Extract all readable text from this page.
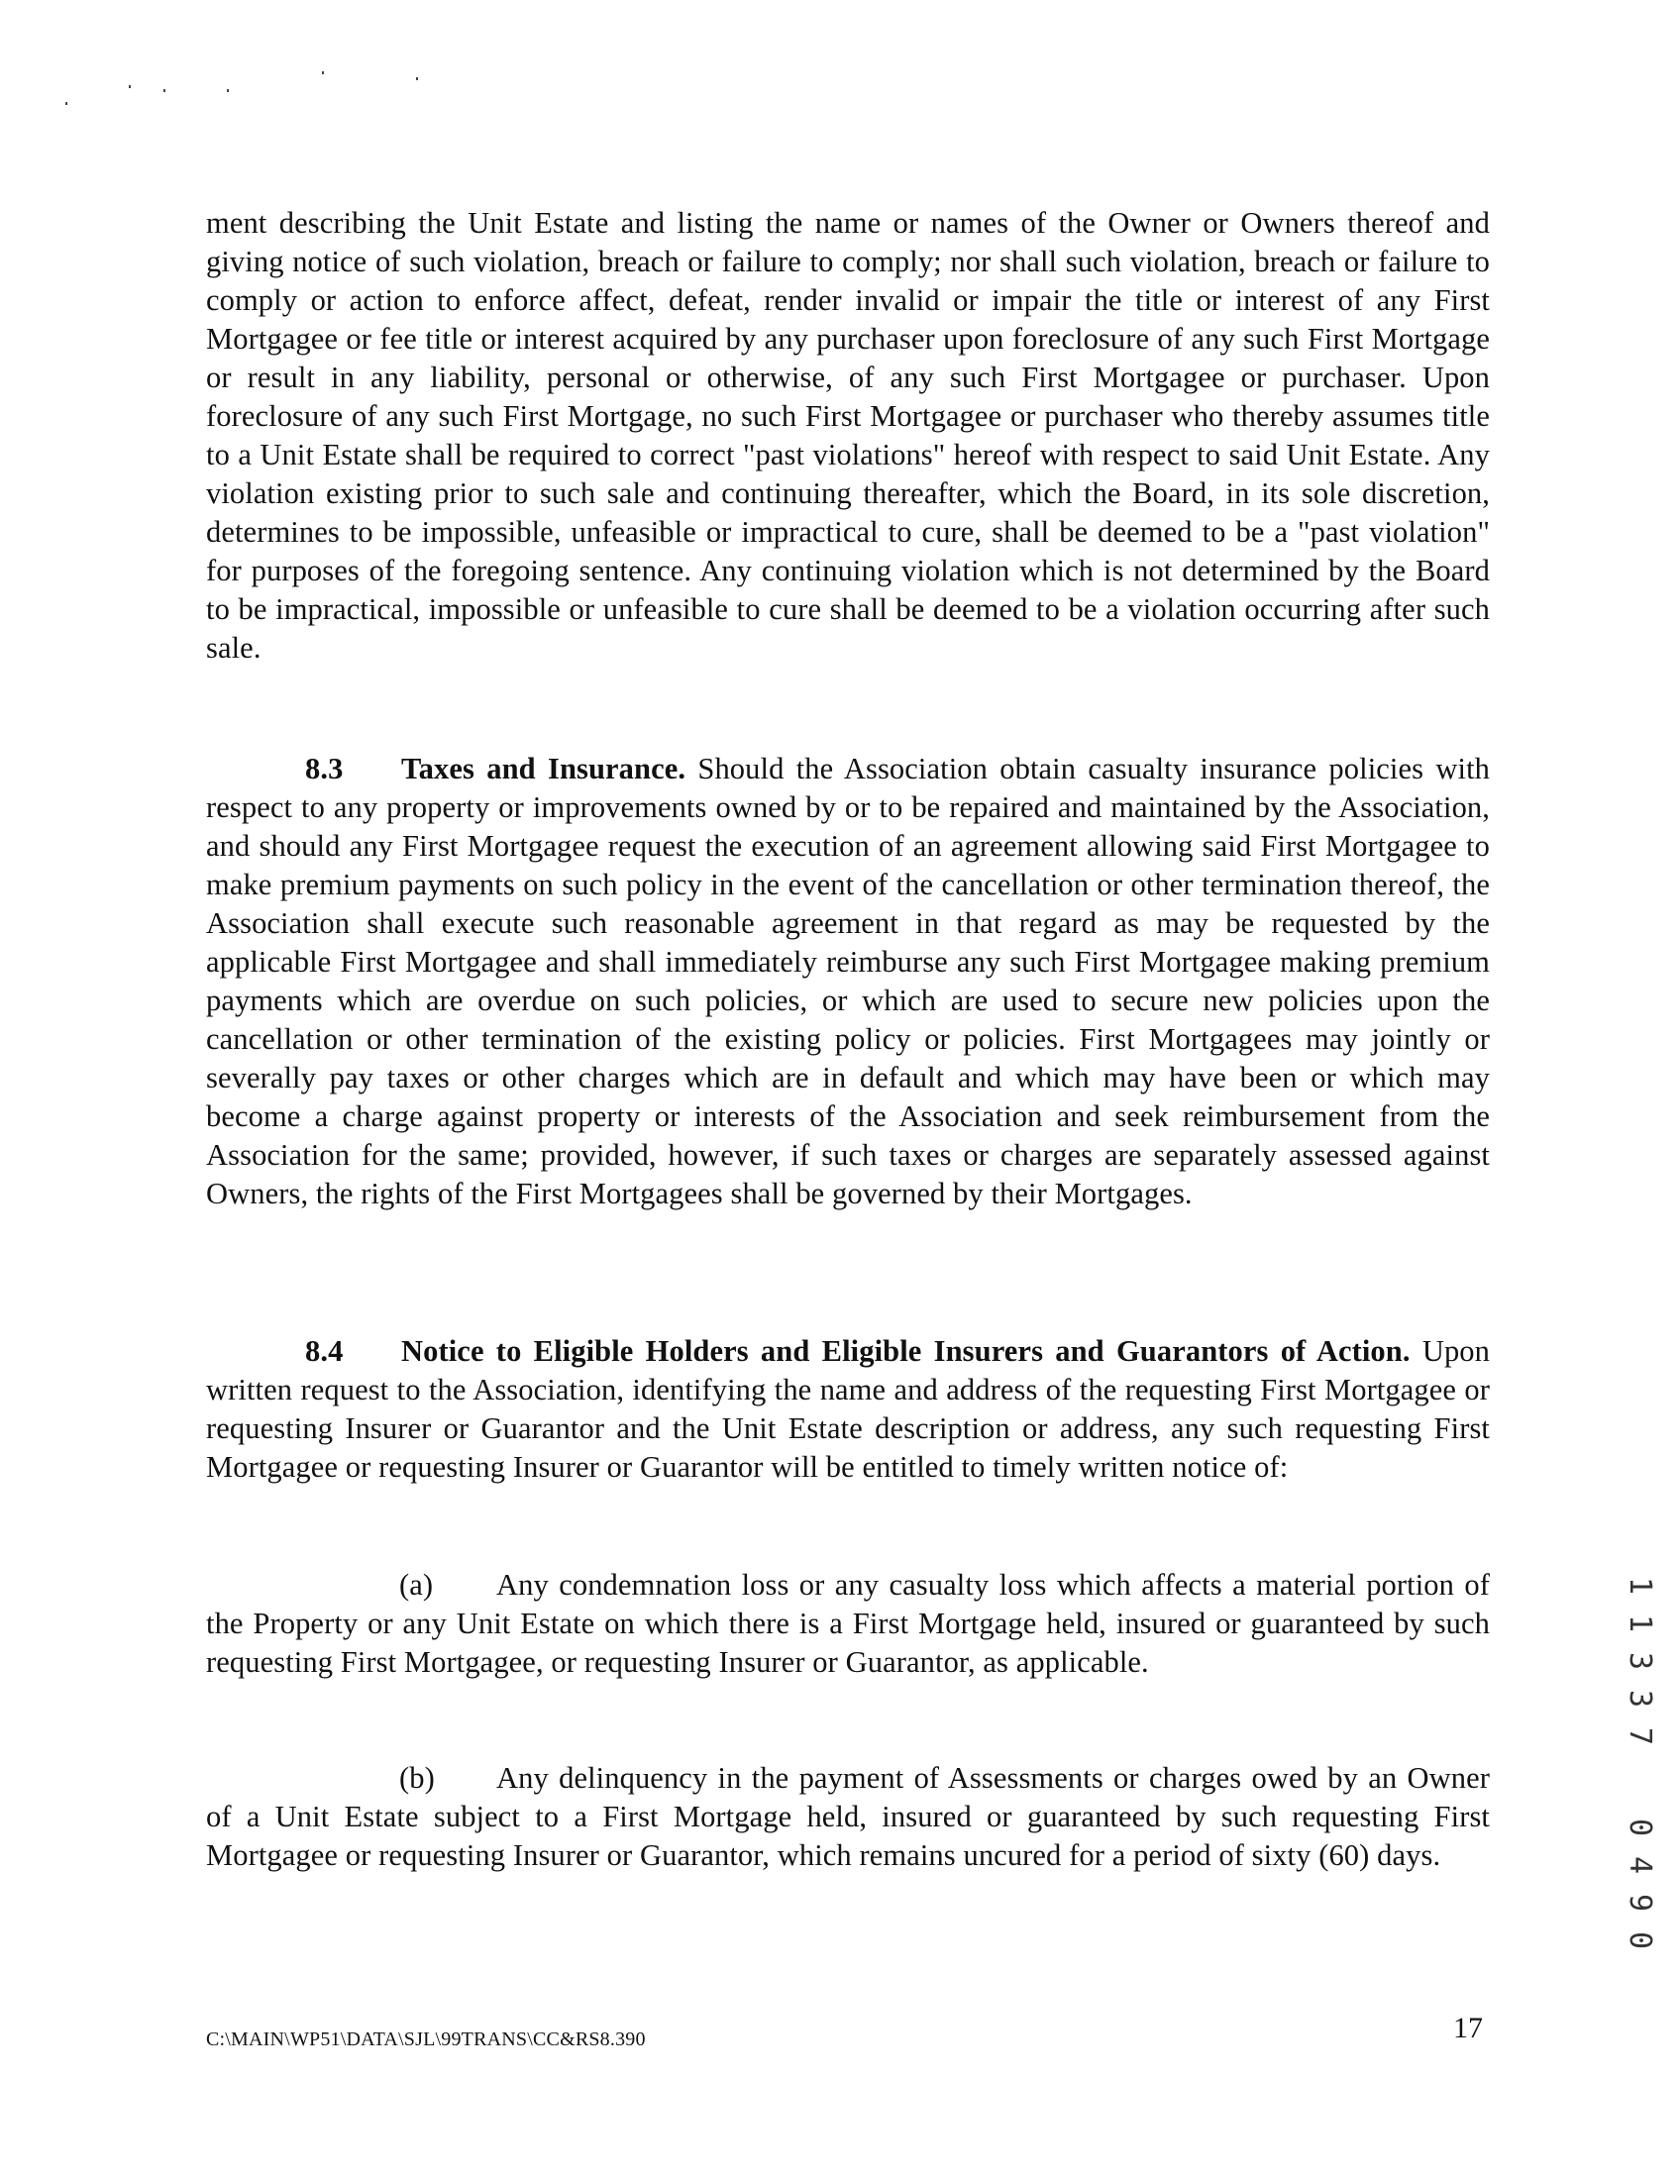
ment describing the Unit Estate and listing the name or names of the Owner or Owners thereof and giving notice of such violation, breach or failure to comply; nor shall such violation, breach or failure to comply or action to enforce affect, defeat, render invalid or impair the title or interest of any First Mortgagee or fee title or interest acquired by any purchaser upon foreclosure of any such First Mortgage or result in any liability, personal or otherwise, of any such First Mortgagee or purchaser. Upon foreclosure of any such First Mortgage, no such First Mortgagee or purchaser who thereby assumes title to a Unit Estate shall be required to correct "past violations" hereof with respect to said Unit Estate. Any violation existing prior to such sale and continuing thereafter, which the Board, in its sole discretion, determines to be impossible, unfeasible or impractical to cure, shall be deemed to be a "past violation" for purposes of the foregoing sentence. Any continuing violation which is not determined by the Board to be impractical, impossible or unfeasible to cure shall be deemed to be a violation occurring after such sale.

8.3 Taxes and Insurance. Should the Association obtain casualty insurance policies with respect to any property or improvements owned by or to be repaired and maintained by the Association, and should any First Mortgagee request the execution of an agreement allowing said First Mortgagee to make premium payments on such policy in the event of the cancellation or other termination thereof, the Association shall execute such reasonable agreement in that regard as may be requested by the applicable First Mortgagee and shall immediately reimburse any such First Mortgagee making premium payments which are overdue on such policies, or which are used to secure new policies upon the cancellation or other termination of the existing policy or policies. First Mortgagees may jointly or severally pay taxes or other charges which are in default and which may have been or which may become a charge against property or interests of the Association and seek reimbursement from the Association for the same; provided, however, if such taxes or charges are separately assessed against Owners, the rights of the First Mortgagees shall be governed by their Mortgages.

8.4 Notice to Eligible Holders and Eligible Insurers and Guarantors of Action. Upon written request to the Association, identifying the name and address of the requesting First Mortgagee or requesting Insurer or Guarantor and the Unit Estate description or address, any such requesting First Mortgagee or requesting Insurer or Guarantor will be entitled to timely written notice of:

(a) Any condemnation loss or any casualty loss which affects a material portion of the Property or any Unit Estate on which there is a First Mortgage held, insured or guaranteed by such requesting First Mortgagee, or requesting Insurer or Guarantor, as applicable.

(b) Any delinquency in the payment of Assessments or charges owed by an Owner of a Unit Estate subject to a First Mortgage held, insured or guaranteed by such requesting First Mortgagee or requesting Insurer or Guarantor, which remains uncured for a period of sixty (60) days.

1
1
3
3
7
0
4
9
0
C:\MAIN\WP51\DATA\SJL\99TRANS\CC&RS8.390	17
